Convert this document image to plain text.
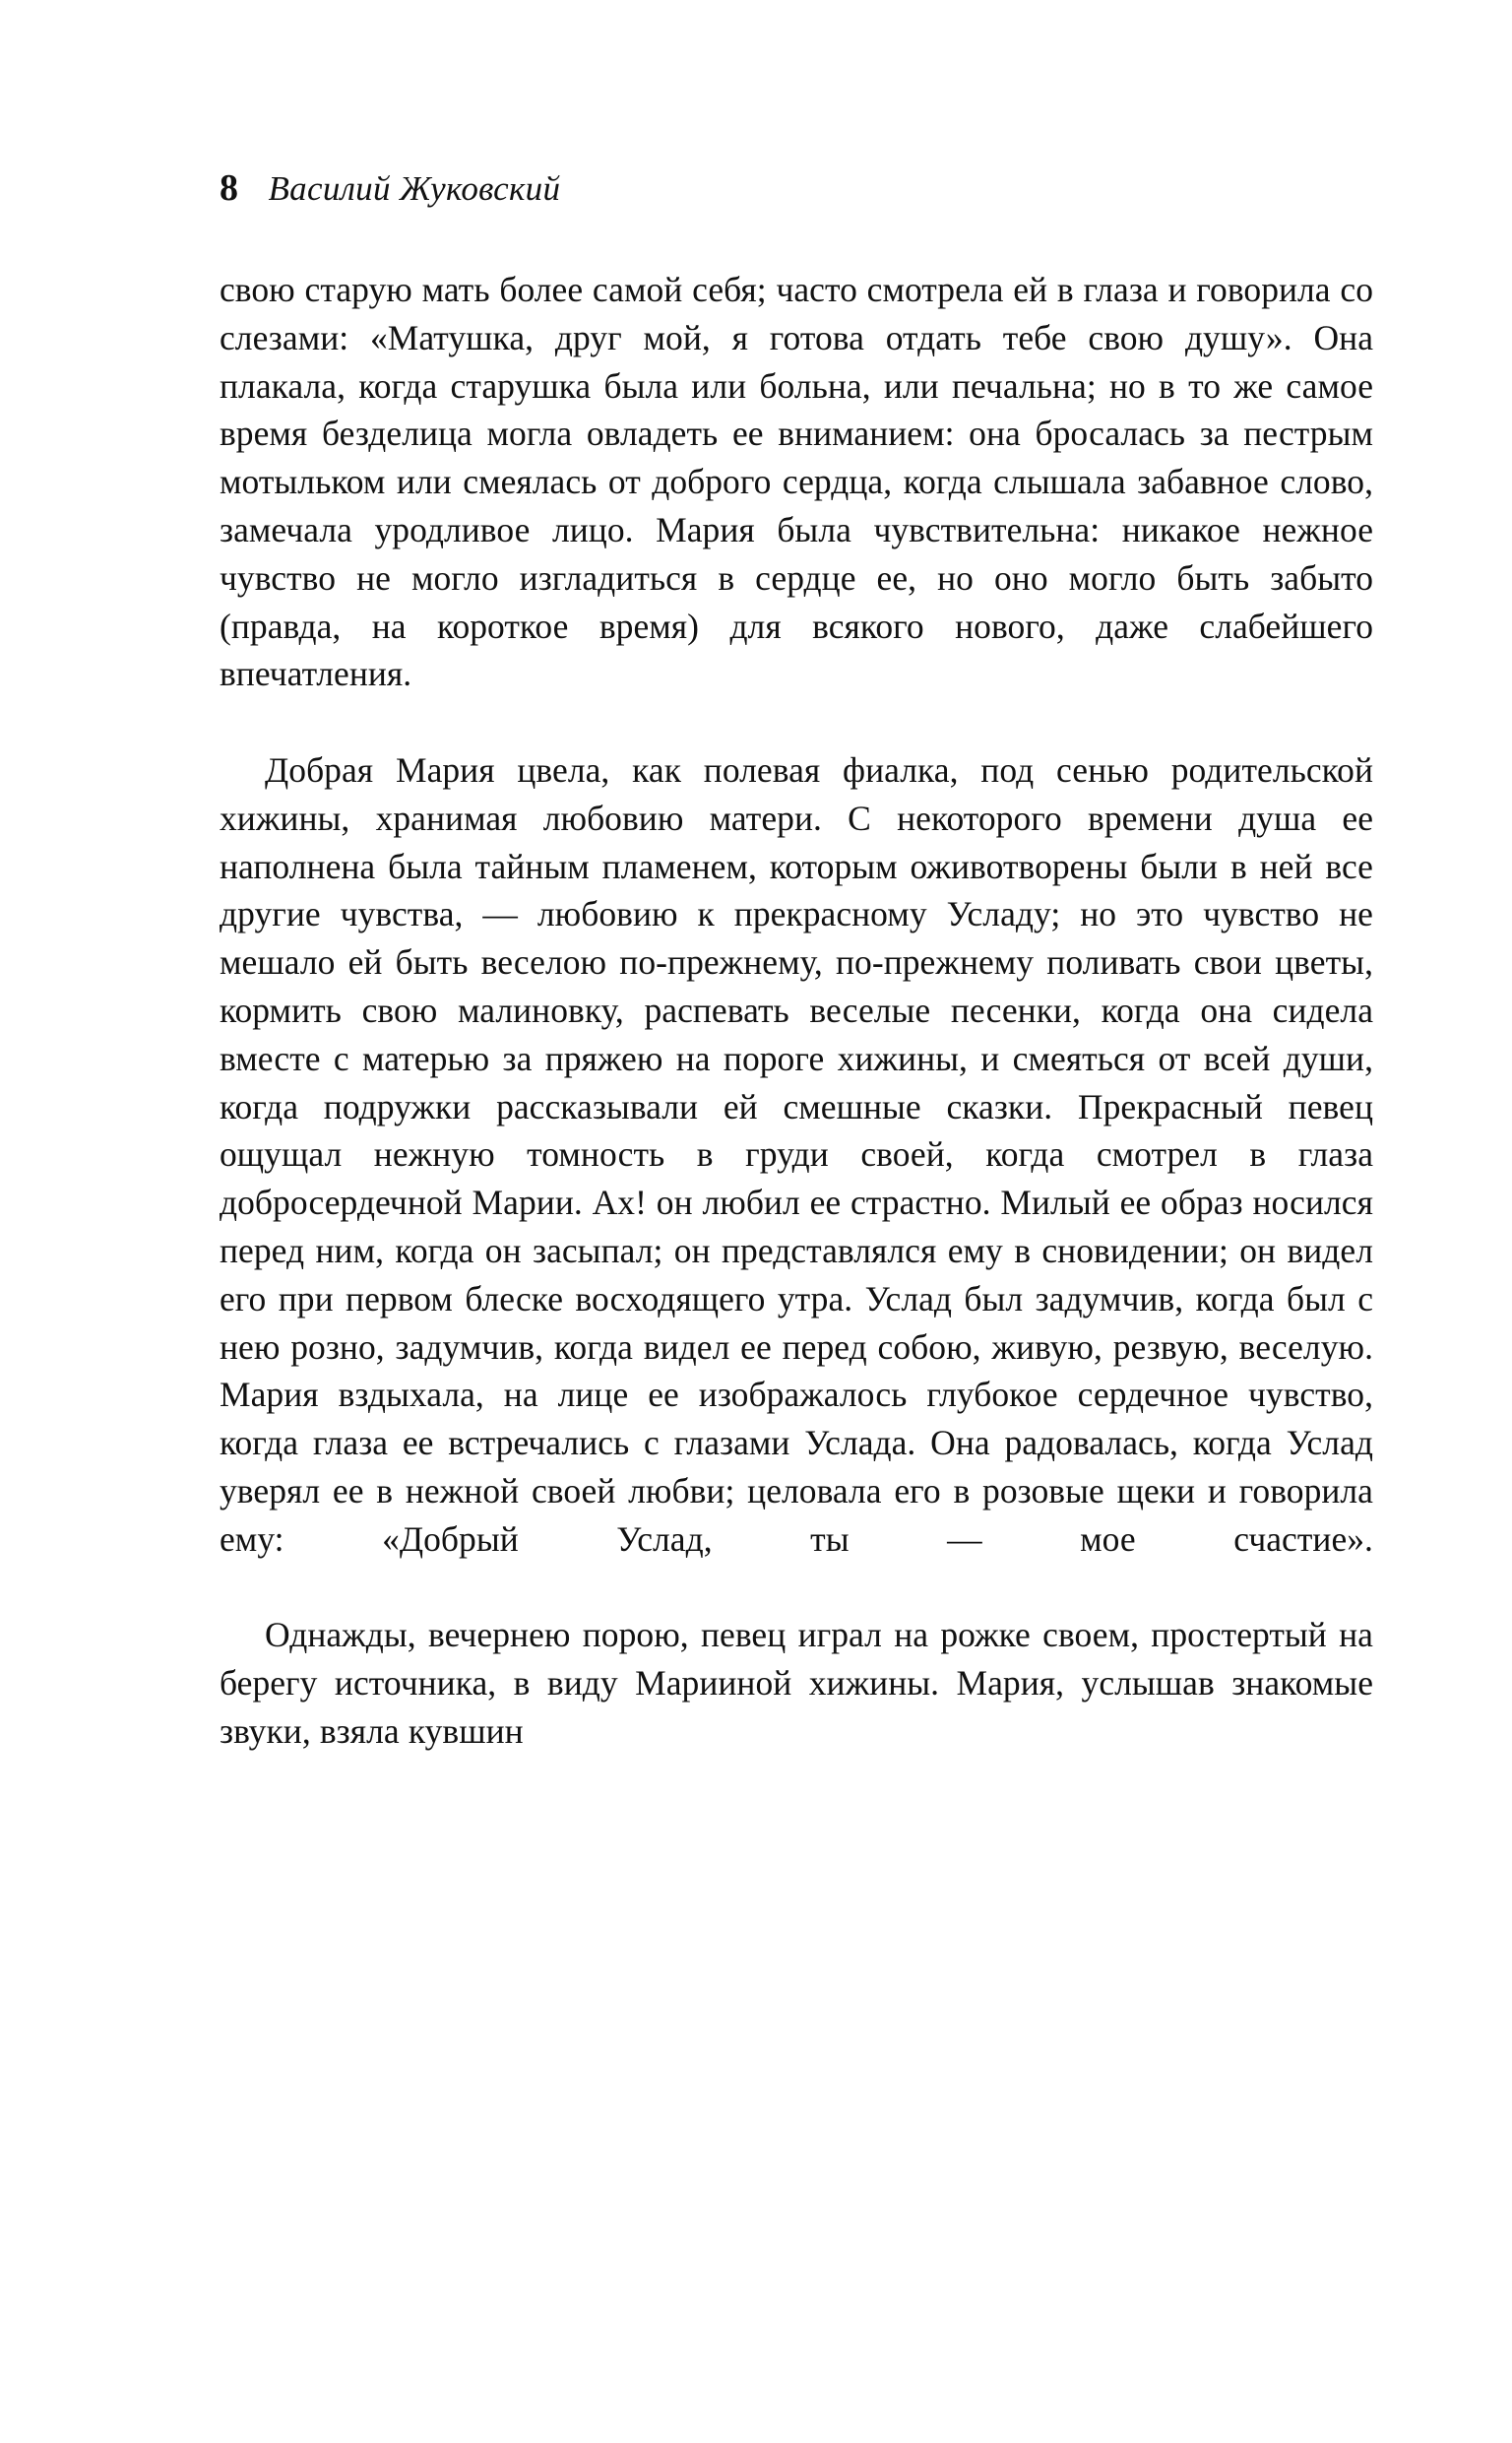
8 Василий Жуковский

свою старую мать более самой себя; часто смотрела ей в глаза и говорила со слезами: «Матушка, друг мой, я готова отдать тебе свою душу». Она плакала, когда старушка была или больна, или печальна; но в то же самое время безделица могла овладеть ее вниманием: она бросалась за пестрым мотыльком или смеялась от доброго сердца, когда слышала забавное слово, замечала уродливое лицо. Мария была чувствительна: никакое нежное чувство не могло изгладиться в сердце ее, но оно могло быть забыто (правда, на короткое время) для всякого нового, даже слабейшего впечатления.

Добрая Мария цвела, как полевая фиалка, под сенью родительской хижины, хранимая любовию матери. С некоторого времени душа ее наполнена была тайным пламенем, которым оживотворены были в ней все другие чувства, — любовию к прекрасному Усладу; но это чувство не мешало ей быть веселою по-прежнему, по-прежнему поливать свои цветы, кормить свою малиновку, распевать веселые песенки, когда она сидела вместе с матерью за пряжею на пороге хижины, и смеяться от всей души, когда подружки рассказывали ей смешные сказки. Прекрасный певец ощущал нежную томность в груди своей, когда смотрел в глаза добросердечной Марии. Ах! он любил ее страстно. Милый ее образ носился перед ним, когда он засыпал; он представлялся ему в сновидении; он видел его при первом блеске восходящего утра. Услад был задумчив, когда был с нею розно, задумчив, когда видел ее перед собою, живую, резвую, веселую. Мария вздыхала, на лице ее изображалось глубокое сердечное чувство, когда глаза ее встречались с глазами Услада. Она радовалась, когда Услад уверял ее в нежной своей любви; целовала его в розовые щеки и говорила ему: «Добрый Услад, ты — мое счастие».

Однажды, вечернею порою, певец играл на рожке своем, простертый на берегу источника, в виду Марииной хижины. Мария, услышав знакомые звуки, взяла кувшин
